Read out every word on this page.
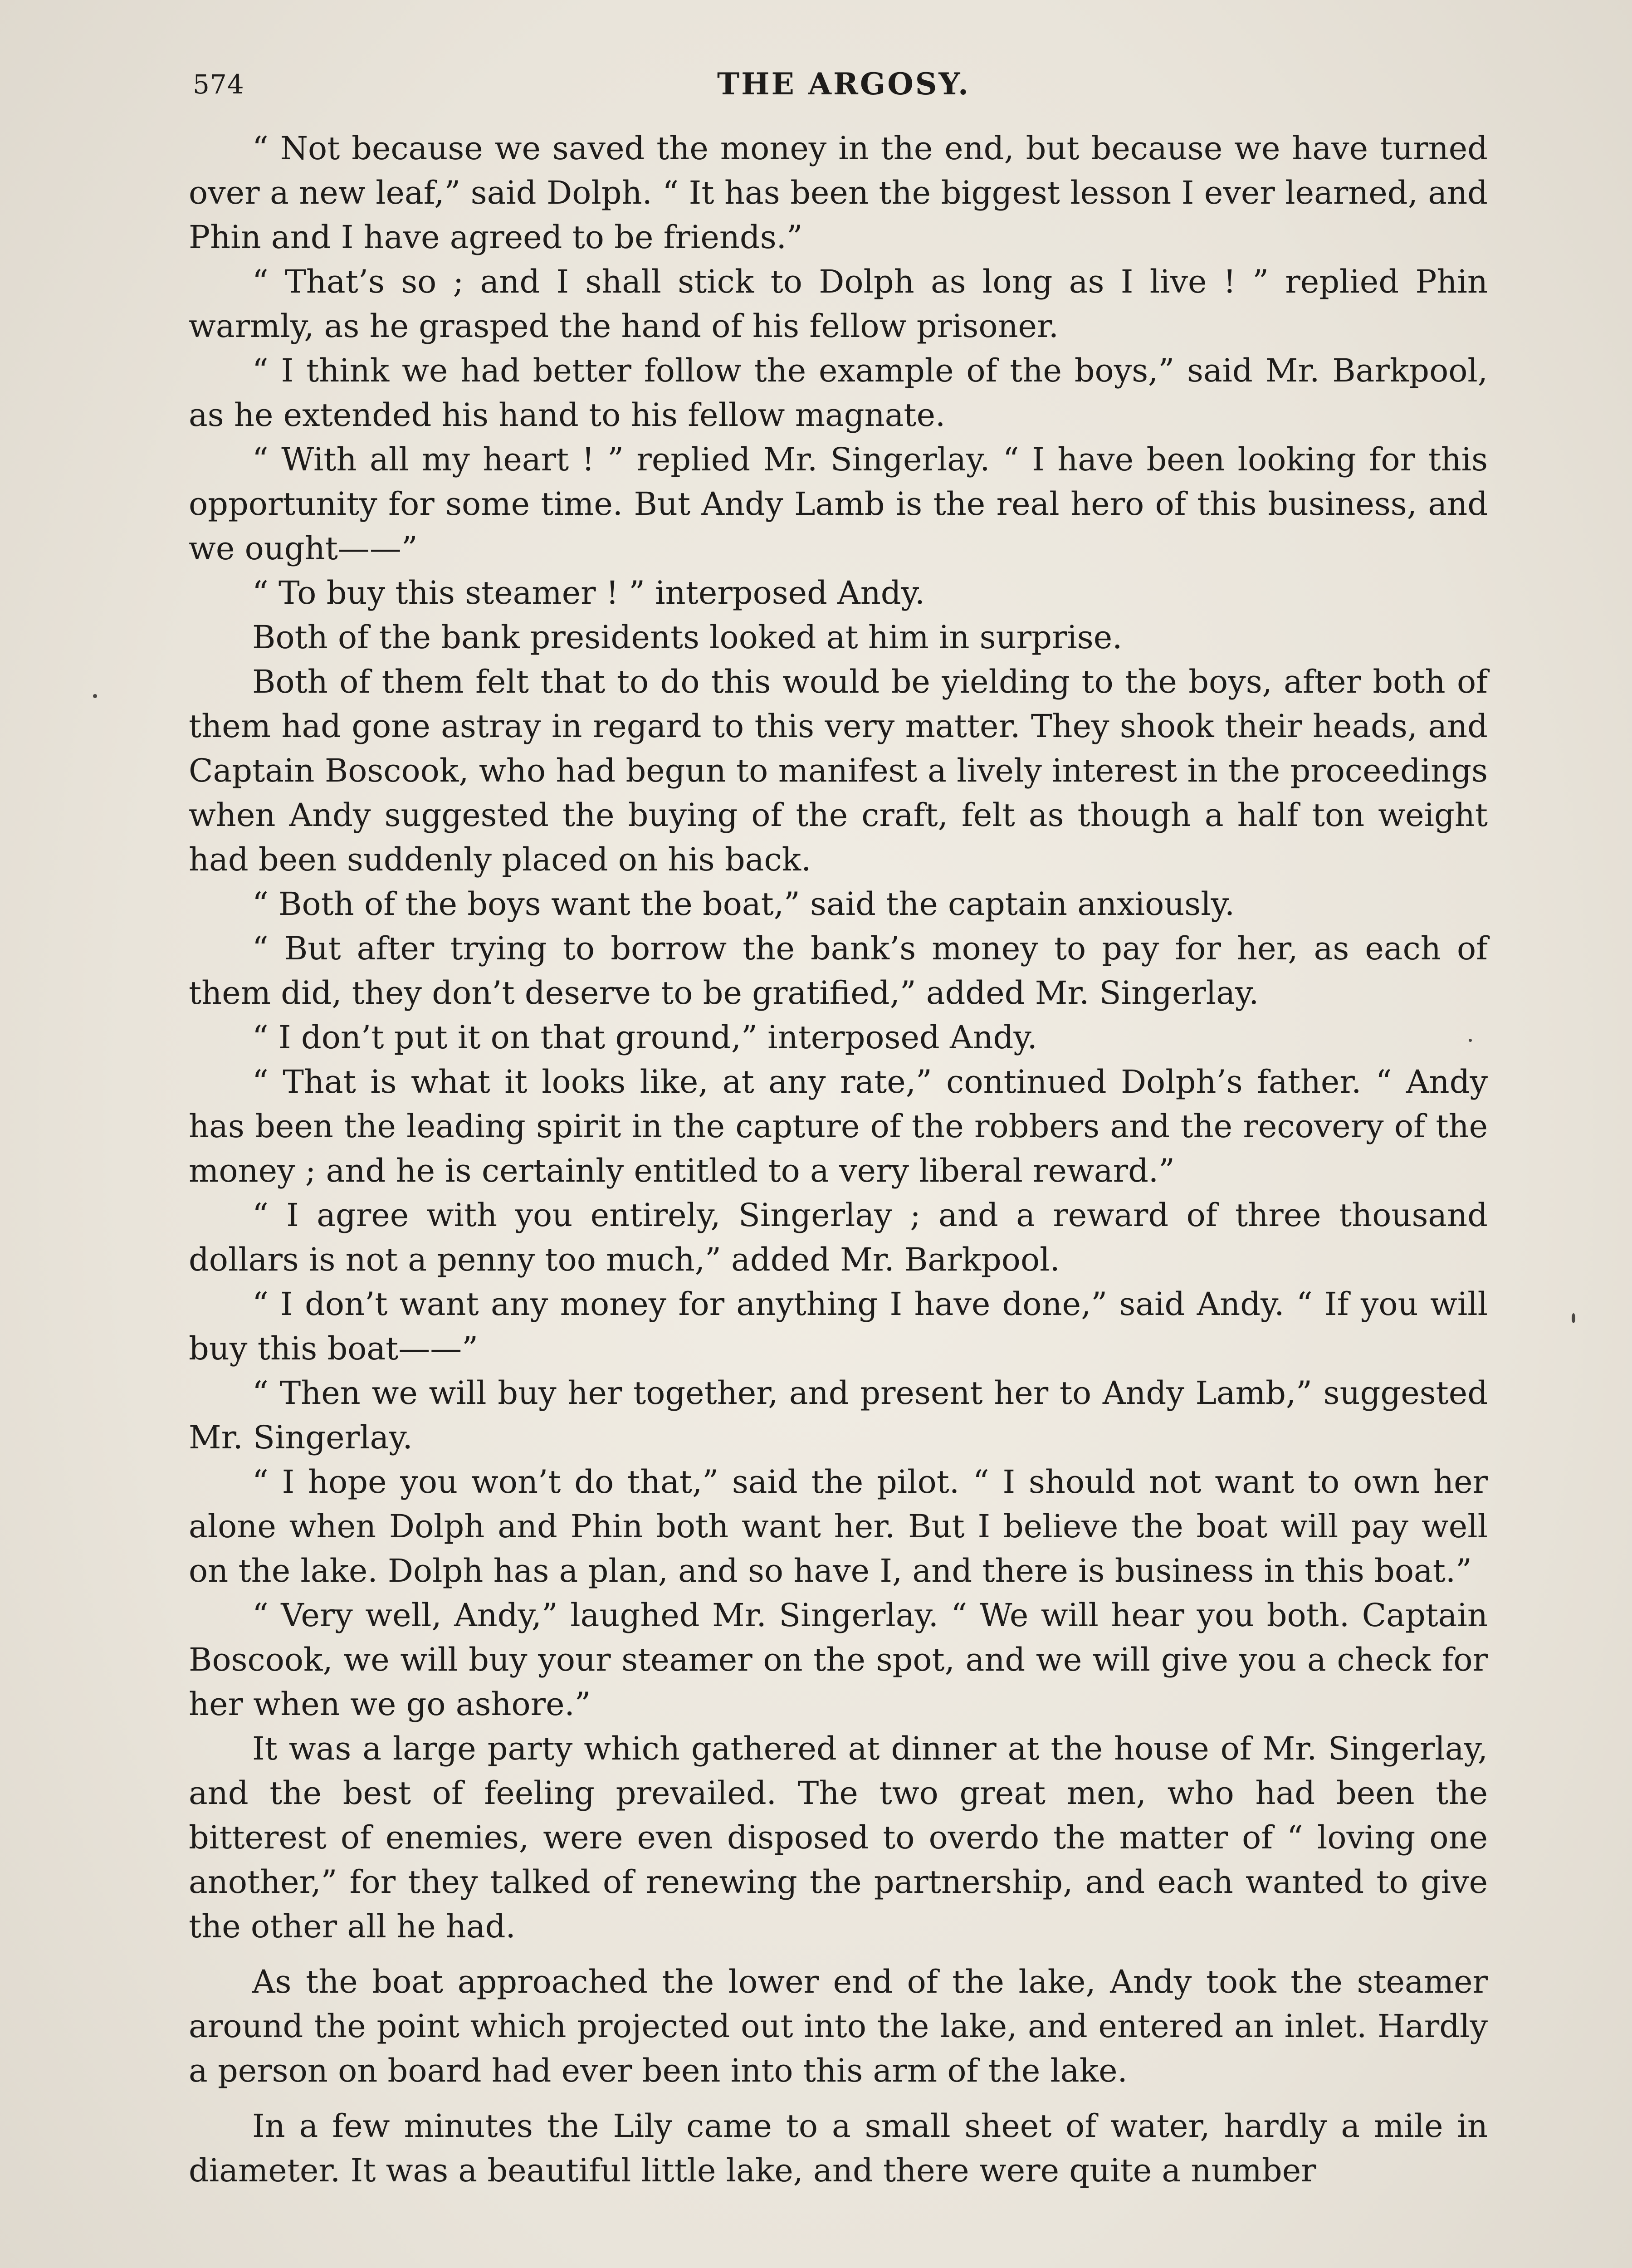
574	THE ARGOSY.

“ Not because we saved the money in the end, but because we have turned over a new leaf,” said Dolph. “ It has been the biggest lesson I ever learned, and Phin and I have agreed to be friends.”

“ That’s so ; and I shall stick to Dolph as long as I live ! ” replied Phin warmly, as he grasped the hand of his fellow prisoner.

“ I think we had better follow the example of the boys,” said Mr. Barkpool, as he extended his hand to his fellow magnate.

“ With all my heart ! ” replied Mr. Singerlay. “ I have been looking for this opportunity for some time. But Andy Lamb is the real hero of this business, and we ought——”

“ To buy this steamer ! ” interposed Andy.

Both of the bank presidents looked at him in surprise.

Both of them felt that to do this would be yielding to the boys, after both of them had gone astray in regard to this very matter. They shook their heads, and Captain Boscook, who had begun to manifest a lively interest in the proceedings when Andy suggested the buying of the craft, felt as though a half ton weight had been suddenly placed on his back.

“ Both of the boys want the boat,” said the captain anxiously.

“ But after trying to borrow the bank’s money to pay for her, as each of them did, they don’t deserve to be gratified,” added Mr. Singerlay.

“ I don’t put it on that ground,” interposed Andy.

“ That is what it looks like, at any rate,” continued Dolph’s father. “ Andy has been the leading spirit in the capture of the robbers and the recovery of the money ; and he is certainly entitled to a very liberal reward.”

“ I agree with you entirely, Singerlay ; and a reward of three thousand dollars is not a penny too much,” added Mr. Barkpool.

“ I don’t want any money for anything I have done,” said Andy. “ If you will buy this boat——”

“ Then we will buy her together, and present her to Andy Lamb,” suggested Mr. Singerlay.

“ I hope you won’t do that,” said the pilot. “ I should not want to own her alone when Dolph and Phin both want her. But I believe the boat will pay well on the lake. Dolph has a plan, and so have I, and there is business in this boat.”

“ Very well, Andy,” laughed Mr. Singerlay. “ We will hear you both. Captain Boscook, we will buy your steamer on the spot, and we will give you a check for her when we go ashore.”

It was a large party which gathered at dinner at the house of Mr. Singerlay, and the best of feeling prevailed. The two great men, who had been the bitterest of enemies, were even disposed to overdo the matter of “ loving one another,” for they talked of renewing the partnership, and each wanted to give the other all he had.

As the boat approached the lower end of the lake, Andy took the steamer around the point which projected out into the lake, and entered an inlet. Hardly a person on board had ever been into this arm of the lake.

In a few minutes the Lily came to a small sheet of water, hardly a mile in diameter. It was a beautiful little lake, and there were quite a number
